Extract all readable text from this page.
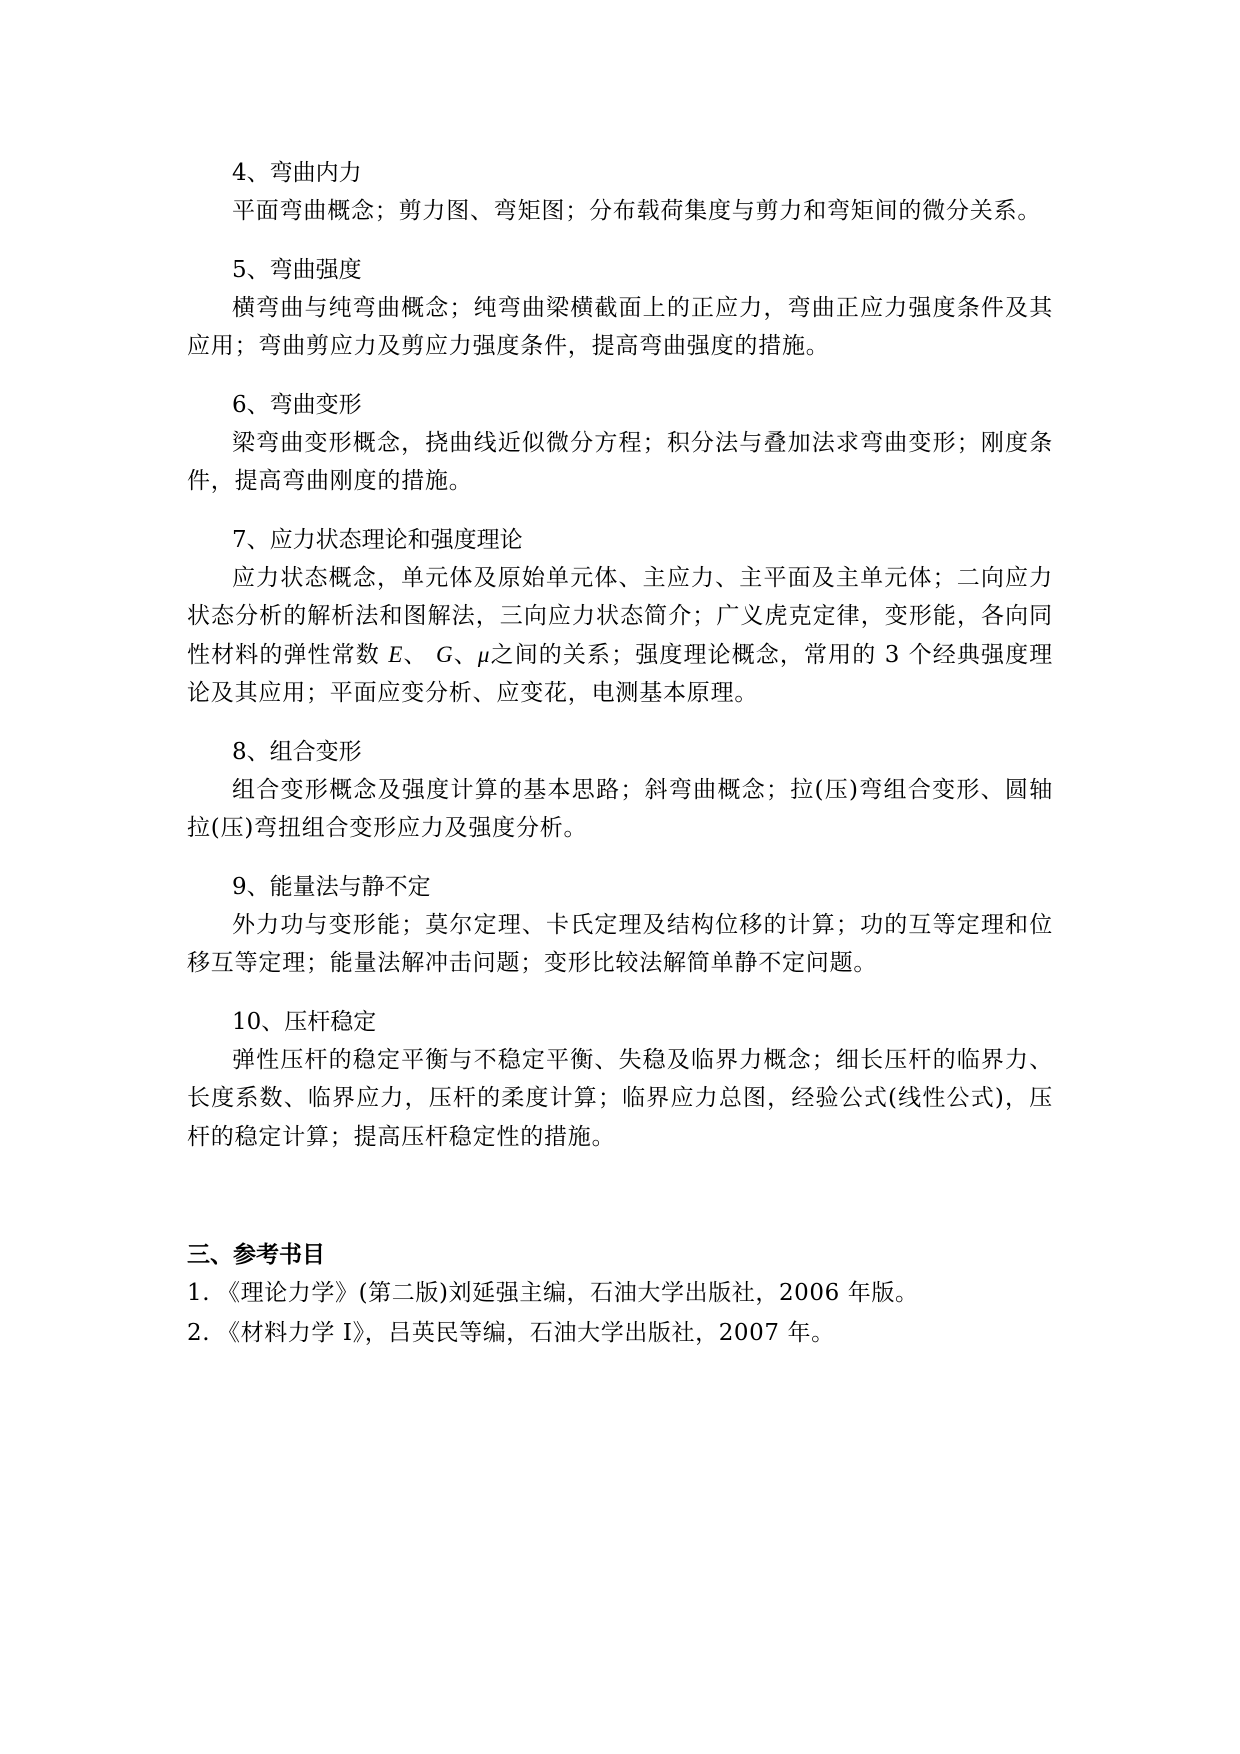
4、弯曲内力

平面弯曲概念；剪力图、弯矩图；分布载荷集度与剪力和弯矩间的微分关系。

5、弯曲强度

横弯曲与纯弯曲概念；纯弯曲梁横截面上的正应力，弯曲正应力强度条件及其应用；弯曲剪应力及剪应力强度条件，提高弯曲强度的措施。

6、弯曲变形

梁弯曲变形概念，挠曲线近似微分方程；积分法与叠加法求弯曲变形；刚度条件，提高弯曲刚度的措施。

7、应力状态理论和强度理论

应力状态概念，单元体及原始单元体、主应力、主平面及主单元体；二向应力状态分析的解析法和图解法，三向应力状态简介；广义虎克定律，变形能，各向同性材料的弹性常数 E、 G、μ之间的关系；强度理论概念，常用的 3 个经典强度理论及其应用；平面应变分析、应变花，电测基本原理。

8、组合变形

组合变形概念及强度计算的基本思路；斜弯曲概念；拉(压)弯组合变形、圆轴拉(压)弯扭组合变形应力及强度分析。

9、能量法与静不定

外力功与变形能；莫尔定理、卡氏定理及结构位移的计算；功的互等定理和位移互等定理；能量法解冲击问题；变形比较法解简单静不定问题。

10、压杆稳定

弹性压杆的稳定平衡与不稳定平衡、失稳及临界力概念；细长压杆的临界力、长度系数、临界应力，压杆的柔度计算；临界应力总图，经验公式(线性公式)，压杆的稳定计算；提高压杆稳定性的措施。

三、参考书目

1. 《理论力学》(第二版)刘延强主编，石油大学出版社，2006 年版。

2. 《材料力学 I》，吕英民等编，石油大学出版社，2007 年。
